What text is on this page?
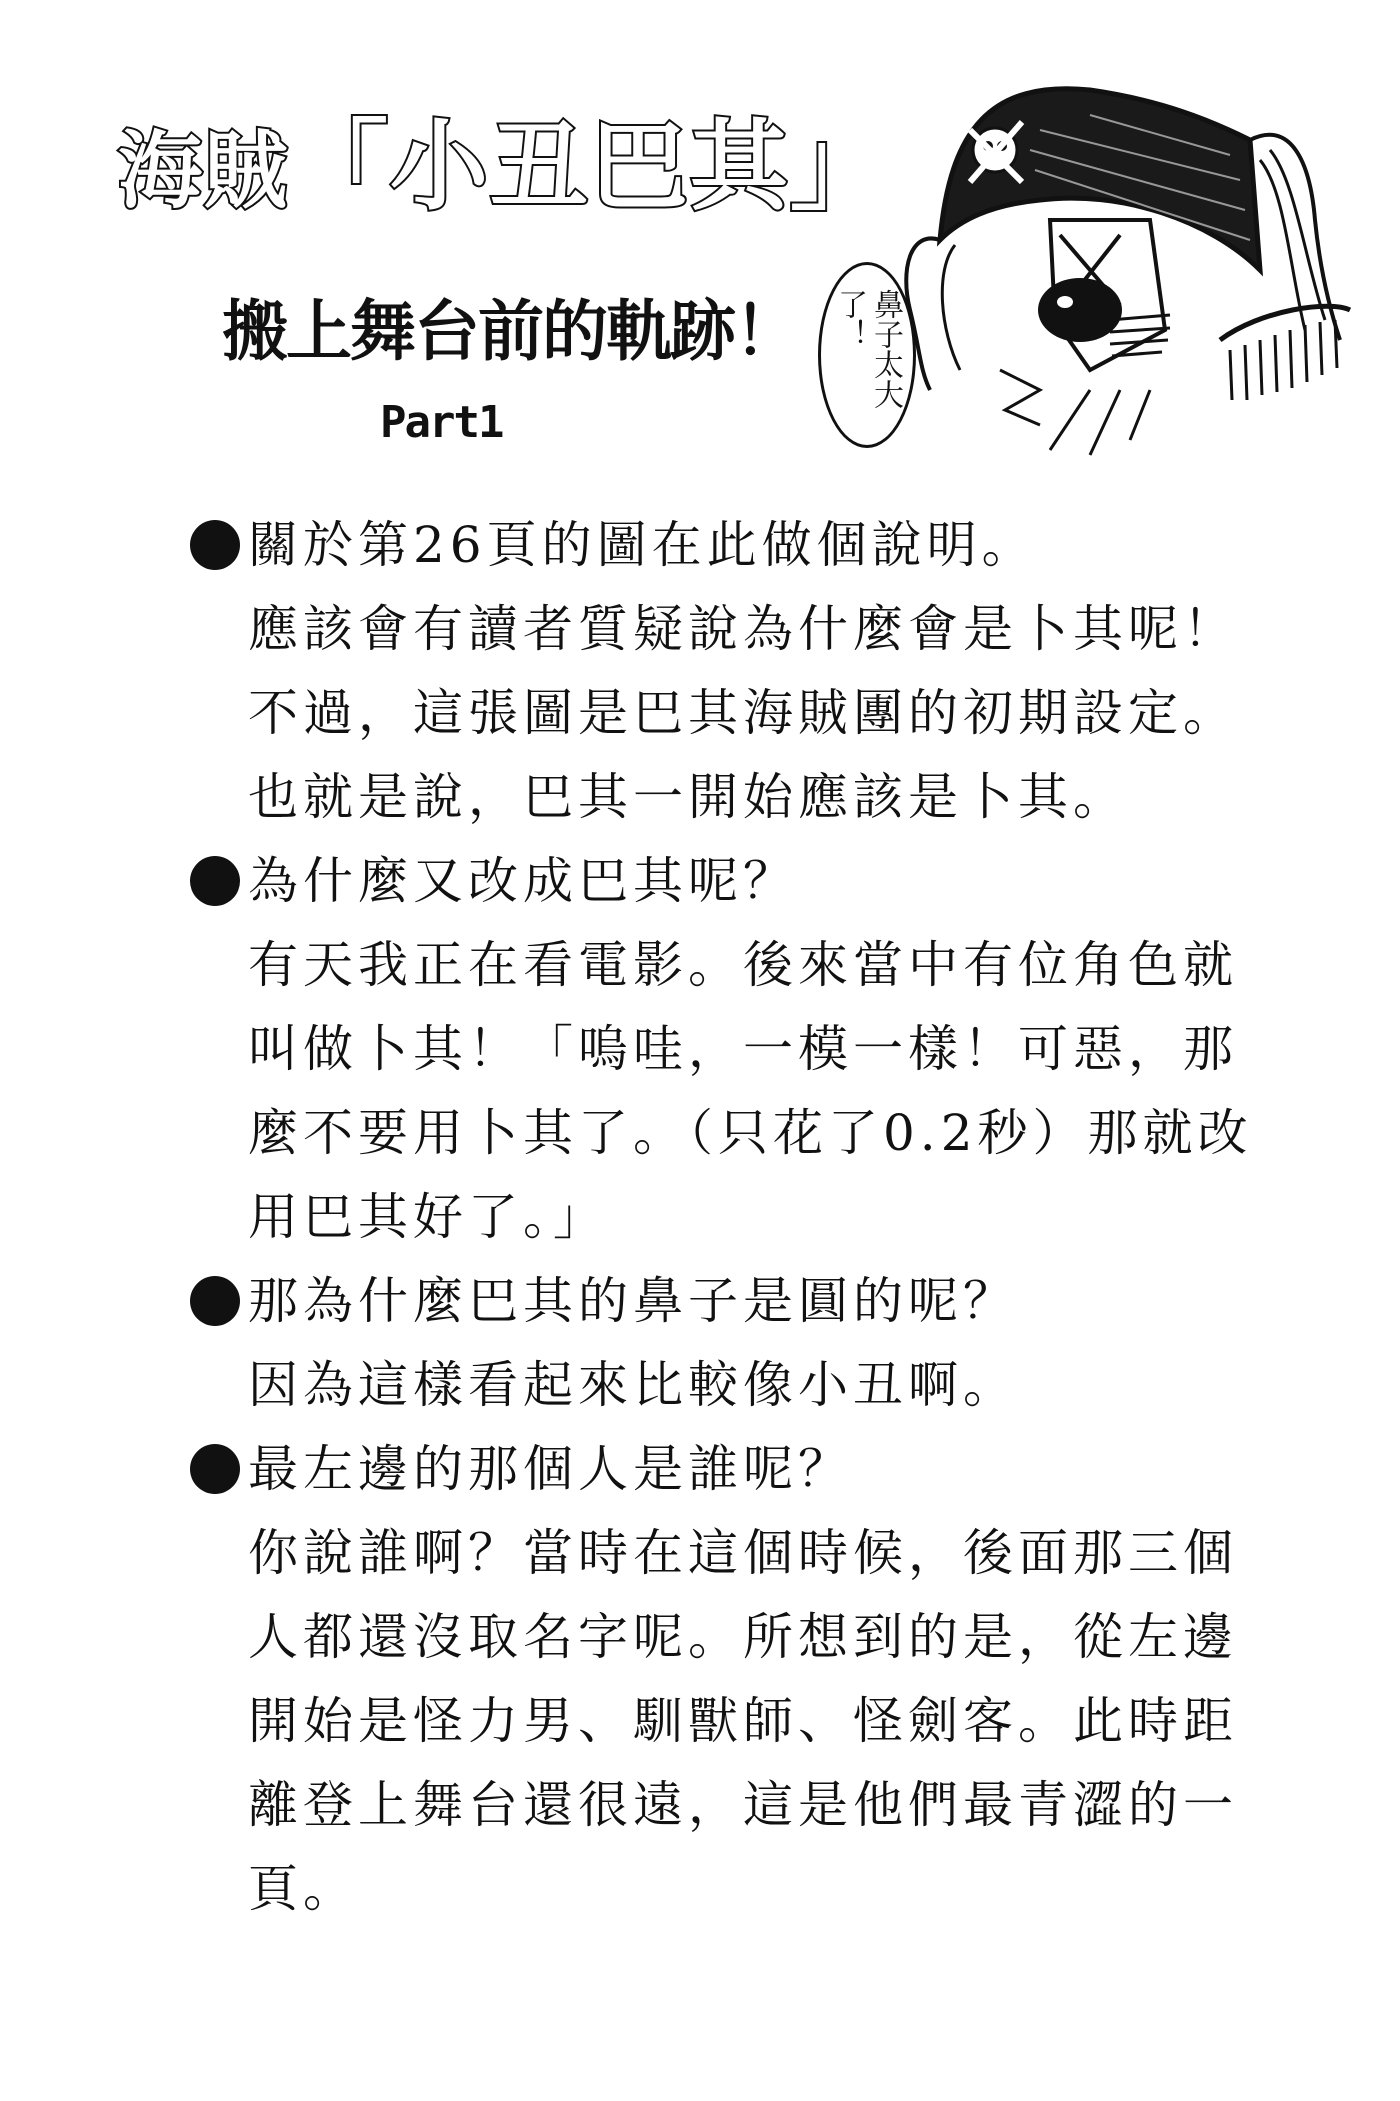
海賊「小丑巴其」
搬上舞台前的軌跡！
Part1
鼻子太大了！
關於第26頁的圖在此做個說明。
應該會有讀者質疑說為什麼會是卜其呢！
不過，這張圖是巴其海賊團的初期設定。
也就是說，巴其一開始應該是卜其。
為什麼又改成巴其呢？
有天我正在看電影。後來當中有位角色就
叫做卜其！「嗚哇，一模一樣！可惡，那
麼不要用卜其了。（只花了0.2秒）那就改
用巴其好了。」
那為什麼巴其的鼻子是圓的呢？
因為這樣看起來比較像小丑啊。
最左邊的那個人是誰呢？
你說誰啊？當時在這個時候，後面那三個
人都還沒取名字呢。所想到的是，從左邊
開始是怪力男、馴獸師、怪劍客。此時距
離登上舞台還很遠，這是他們最青澀的一
頁。
